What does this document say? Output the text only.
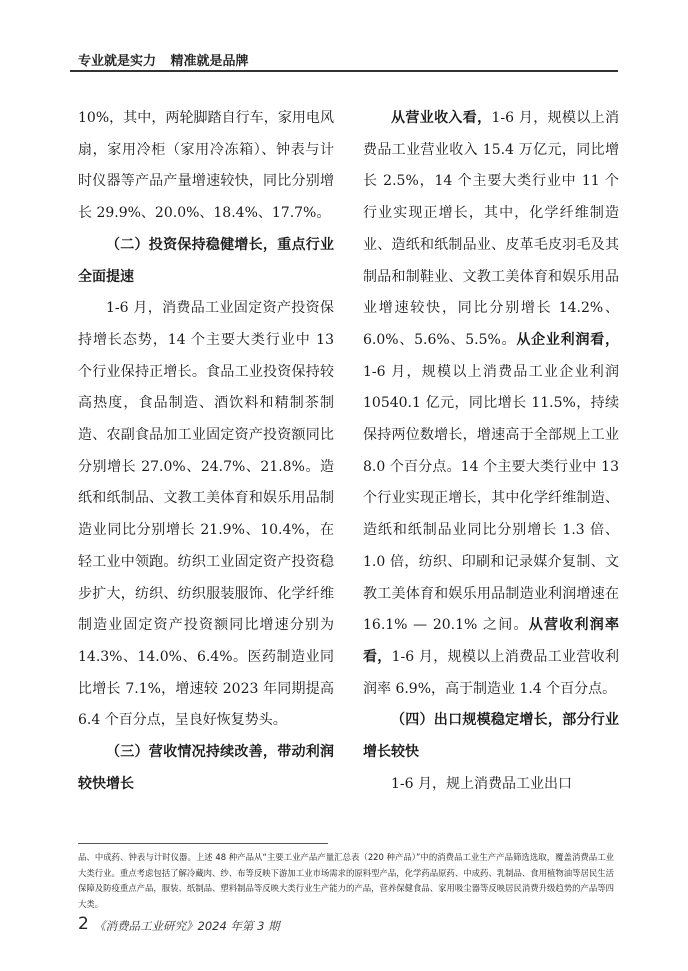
专业就是实力 精准就是品牌

10%，其中，两轮脚踏自行车，家用电风扇，家用冷柜（家用冷冻箱）、钟表与计时仪器等产品产量增速较快，同比分别增长 29.9%、20.0%、18.4%、17.7%。

（二）投资保持稳健增长，重点行业全面提速

1-6 月，消费品工业固定资产投资保持增长态势，14 个主要大类行业中 13 个行业保持正增长。食品工业投资保持较高热度，食品制造、酒饮料和精制茶制造、农副食品加工业固定资产投资额同比分别增长 27.0%、24.7%、21.8%。造纸和纸制品、文教工美体育和娱乐用品制造业同比分别增长 21.9%、10.4%，在轻工业中领跑。纺织工业固定资产投资稳步扩大，纺织、纺织服装服饰、化学纤维制造业固定资产投资额同比增速分别为 14.3%、14.0%、6.4%。医药制造业同比增长 7.1%，增速较 2023 年同期提高 6.4 个百分点，呈良好恢复势头。

（三）营收情况持续改善，带动利润较快增长

从营业收入看，1-6 月，规模以上消费品工业营业收入 15.4 万亿元，同比增长 2.5%，14 个主要大类行业中 11 个行业实现正增长，其中，化学纤维制造业、造纸和纸制品业、皮革毛皮羽毛及其制品和制鞋业、文教工美体育和娱乐用品业增速较快，同比分别增长 14.2%、6.0%、5.6%、5.5%。从企业利润看，1-6 月，规模以上消费品工业企业利润 10540.1 亿元，同比增长 11.5%，持续保持两位数增长，增速高于全部规上工业 8.0 个百分点。14 个主要大类行业中 13 个行业实现正增长，其中化学纤维制造、造纸和纸制品业同比分别增长 1.3 倍、1.0 倍，纺织、印刷和记录媒介复制、文教工美体育和娱乐用品制造业利润增速在 16.1% — 20.1% 之间。从营收利润率看，1-6 月，规模以上消费品工业营收利润率 6.9%，高于制造业 1.4 个百分点。

（四）出口规模稳定增长，部分行业增长较快

1-6 月，规上消费品工业出口

品、中成药、钟表与计时仪器。上述 48 种产品从“主要工业产品产量汇总表（220 种产品）”中的消费品工业生产产品筛选选取，覆盖消费品工业大类行业。重点考虑包括了解冷藏肉、纱、布等反映下游加工业市场需求的原料型产品，化学药品原药、中成药、乳制品、食用植物油等居民生活保障及防疫重点产品，服装、纸制品、塑料制品等反映大类行业生产能力的产品，营养保健食品、家用吸尘器等反映居民消费升级趋势的产品等四大类。
2 《消费品工业研究》2024 年第 3 期
